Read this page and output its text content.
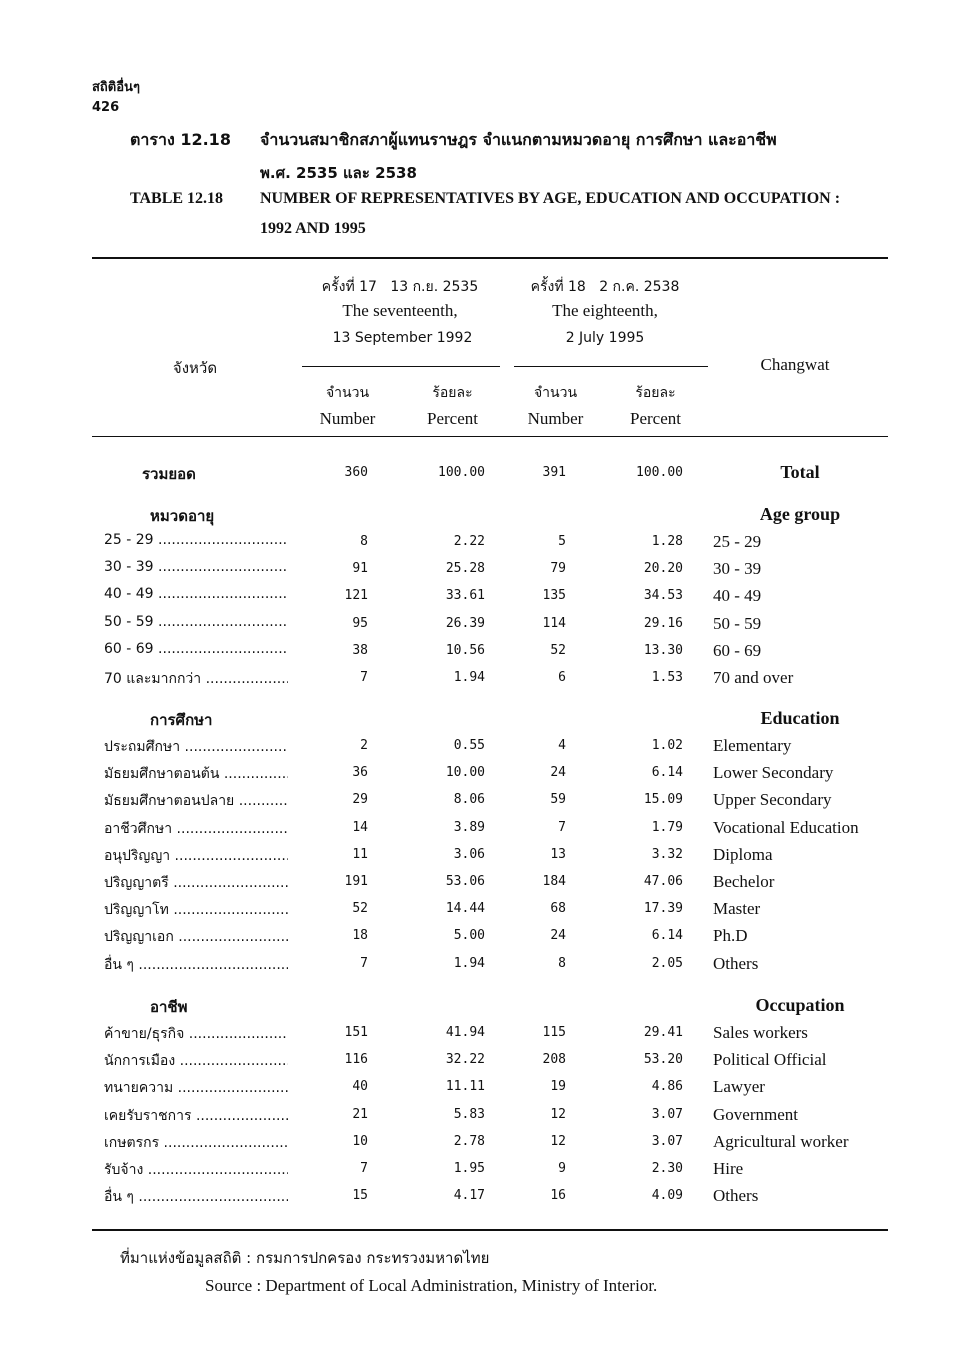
สถิติอื่นๆ
426
ตาราง 12.18 จำนวนสมาชิกสภาผู้แทนราษฎร จำแนกตามหมวดอายุ การศึกษา และอาชีพ
พ.ศ. 2535 และ 2538
TABLE 12.18 NUMBER OF REPRESENTATIVES BY AGE, EDUCATION AND OCCUPATION :
1992 AND 1995
ครั้งที่ 17   13 ก.ย. 2535
The seventeenth,
13 September 1992
ครั้งที่ 18   2 ก.ค. 2538
The eighteenth,
2 July 1995
จังหวัด	Changwat
จำนวน
Number
ร้อยละ
Percent
จำนวน
Number
ร้อยละ
Percent
รวมยอด	360	100.00	391	100.00	Total
หมวดอายุ	Age group
25 - 29 .....	8	2.22	5	1.28 25 - 29
30 - 39 .....	91	25.28	79	20.20 30 - 39
40 - 49 .....	121	33.61	135	34.53 40 - 49
50 - 59 .....	95	26.39	114	29.16 50 - 59
60 - 69 .....	38	10.56	52	13.30 60 - 69
70 และมากกว่า .....	7	1.94	6	1.53 70 and over
การศึกษา	Education
ประถมศึกษา .....	2	0.55	4	1.02 Elementary
มัธยมศึกษาตอนต้น .....	36	10.00	24	6.14 Lower Secondary
มัธยมศึกษาตอนปลาย .....	29	8.06	59	15.09 Upper Secondary
อาชีวศึกษา .....	14	3.89	7	1.79 Vocational Education
อนุปริญญา .....	11	3.06	13	3.32 Diploma
ปริญญาตรี .....	191	53.06	184	47.06 Bechelor
ปริญญาโท .....	52	14.44	68	17.39 Master
ปริญญาเอก .....	18	5.00	24	6.14 Ph.D
อื่น ๆ .....	7	1.94	8	2.05 Others
อาชีพ	Occupation
ค้าขาย/ธุรกิจ .....	151	41.94	115	29.41 Sales workers
นักการเมือง .....	116	32.22	208	53.20 Political Official
ทนายความ .....	40	11.11	19	4.86 Lawyer
เคยรับราชการ .....	21	5.83	12	3.07 Government
เกษตรกร .....	10	2.78	12	3.07 Agricultural worker
รับจ้าง .....	7	1.95	9	2.30 Hire
อื่น ๆ .....	15	4.17	16	4.09 Others
ที่มาแห่งข้อมูลสถิติ : กรมการปกครอง กระทรวงมหาดไทย
Source : Department of Local Administration, Ministry of Interior.
